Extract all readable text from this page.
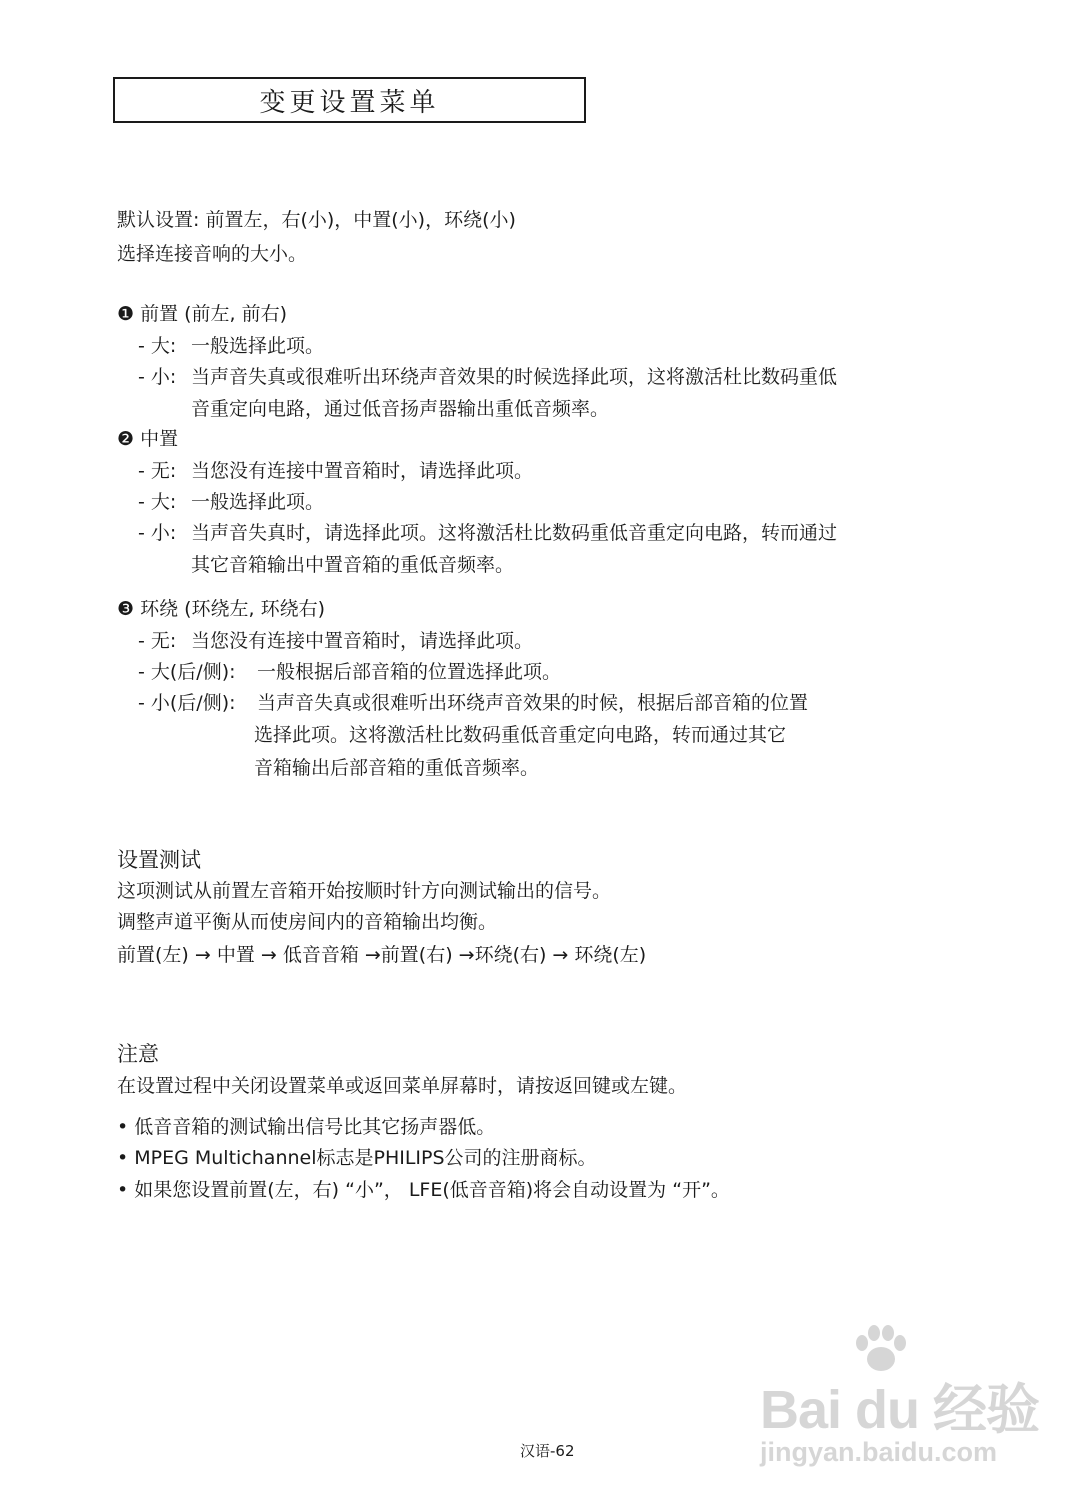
变更设置菜单
默认设置: 前置左，右(小)，中置(小)，环绕(小)
选择连接音响的大小。
❶ 前置 (前左, 前右)
- 大: 一般选择此项。
- 小: 当声音失真或很难听出环绕声音效果的时候选择此项，这将激活杜比数码重低
音重定向电路，通过低音扬声器输出重低音频率。
❷ 中置
- 无: 当您没有连接中置音箱时，请选择此项。
- 大: 一般选择此项。
- 小: 当声音失真时，请选择此项。这将激活杜比数码重低音重定向电路，转而通过
其它音箱输出中置音箱的重低音频率。
❸ 环绕 (环绕左, 环绕右)
- 无: 当您没有连接中置音箱时，请选择此项。
- 大(后/侧): 一般根据后部音箱的位置选择此项。
- 小(后/侧): 当声音失真或很难听出环绕声音效果的时候，根据后部音箱的位置
选择此项。这将激活杜比数码重低音重定向电路，转而通过其它
音箱输出后部音箱的重低音频率。
设置测试
这项测试从前置左音箱开始按顺时针方向测试输出的信号。
调整声道平衡从而使房间内的音箱输出均衡。
前置(左) → 中置 → 低音音箱 →前置(右) →环绕(右) → 环绕(左)
注意
在设置过程中关闭设置菜单或返回菜单屏幕时，请按返回键或左键。
• 低音音箱的测试输出信号比其它扬声器低。
• MPEG Multichannel标志是PHILIPS公司的注册商标。
• 如果您设置前置(左，右) “小”， LFE(低音音箱)将会自动设置为 “开”。
Bai du 经验
jingyan.baidu.com
汉语-62
